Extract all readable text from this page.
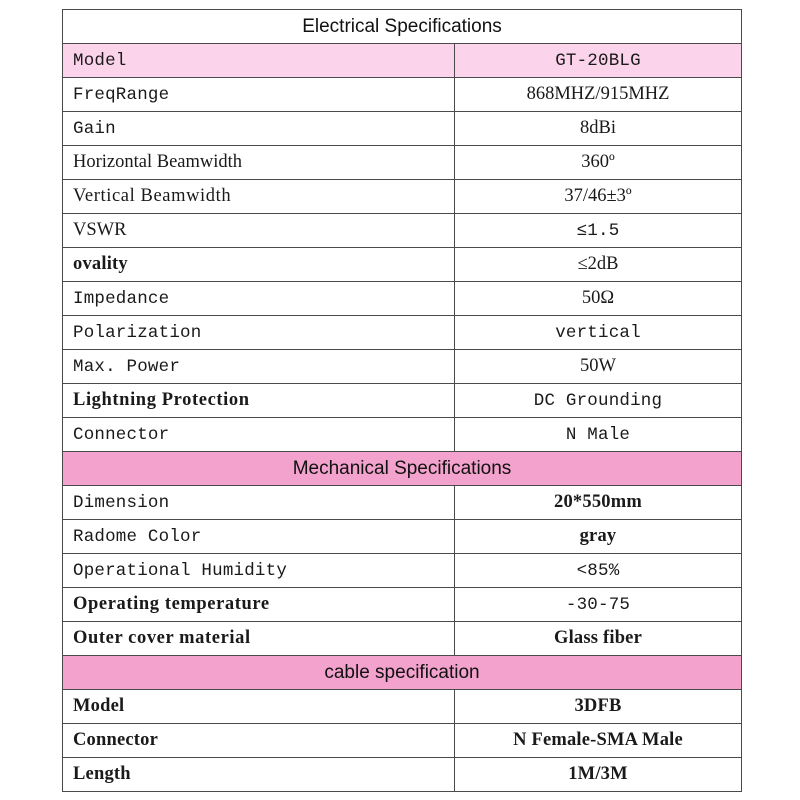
Electrical Specifications
Model	GT-20BLG
FreqRange	868MHZ/915MHZ
Gain	8dBi
Horizontal Beamwidth	360º
Vertical Beamwidth	37/46±3º
VSWR	≤1.5
ovality	≤2dB
Impedance	50Ω
Polarization	vertical
Max. Power	50W
Lightning Protection	DC Grounding
Connector	N Male
Mechanical Specifications
Dimension	20*550mm
Radome Color	gray
Operational Humidity	<85%
Operating temperature	-30-75
Outer cover material	Glass fiber
cable specification
Model	3DFB
Connector	N Female-SMA Male
Length	1M/3M
